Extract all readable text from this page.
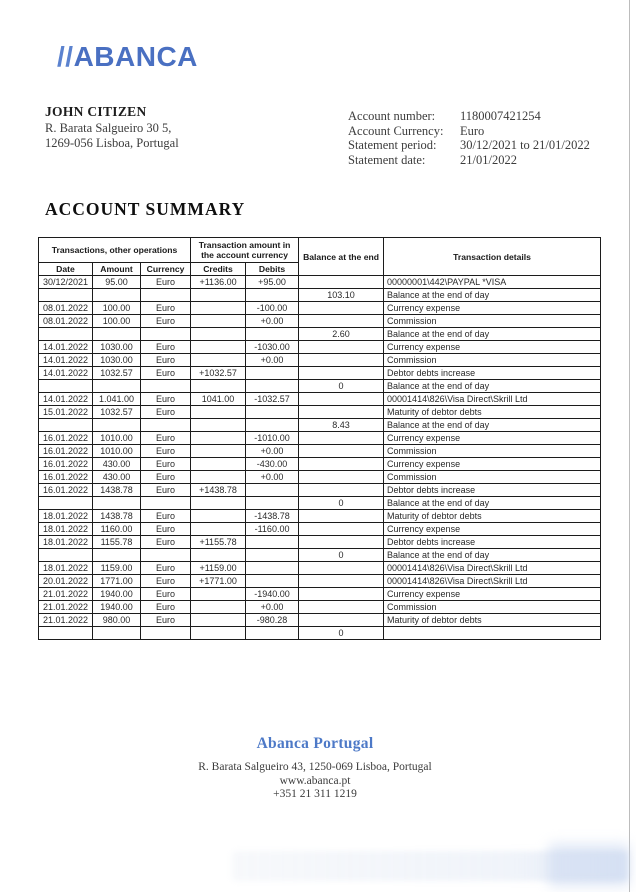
//ABANCA
JOHN CITIZEN
R. Barata Salgueiro 30 5,
1269-056 Lisboa, Portugal
Account number:	1180007421254
Account Currency:	Euro
Statement period:	30/12/2021 to 21/01/2022
Statement date:	21/01/2022
ACCOUNT SUMMARY
Transactions, other operations			Transaction amount in the account currency		Balance at the end	Transaction details
Date	Amount	Currency	Credits	Debits		
30/12/2021	95.00	Euro	+1136.00	+95.00		00000001\442\PAYPAL *VISA
					103.10	Balance at the end of day
08.01.2022	100.00	Euro		-100.00		Currency expense
08.01.2022	100.00	Euro		+0.00		Commission
					2.60	Balance at the end of day
14.01.2022	1030.00	Euro		-1030.00		Currency expense
14.01.2022	1030.00	Euro		+0.00		Commission
14.01.2022	1032.57	Euro	+1032.57			Debtor debts increase
					0	Balance at the end of day
14.01.2022	1.041.00	Euro	1041.00	-1032.57		00001414\826\Visa Direct\Skrill Ltd
15.01.2022	1032.57	Euro				Maturity of debtor debts
					8.43	Balance at the end of day
16.01.2022	1010.00	Euro		-1010.00		Currency expense
16.01.2022	1010.00	Euro		+0.00		Commission
16.01.2022	430.00	Euro		-430.00		Currency expense
16.01.2022	430.00	Euro		+0.00		Commission
16.01.2022	1438.78	Euro	+1438.78			Debtor debts increase
					0	Balance at the end of day
18.01.2022	1438.78	Euro		-1438.78		Maturity of debtor debts
18.01.2022	1160.00	Euro		-1160.00		Currency expense
18.01.2022	1155.78	Euro	+1155.78			Debtor debts increase
					0	Balance at the end of day
18.01.2022	1159.00	Euro	+1159.00			00001414\826\Visa Direct\Skrill Ltd
20.01.2022	1771.00	Euro	+1771.00			00001414\826\Visa Direct\Skrill Ltd
21.01.2022	1940.00	Euro		-1940.00		Currency expense
21.01.2022	1940.00	Euro		+0.00		Commission
21.01.2022	980.00	Euro		-980.28		Maturity of debtor debts
					0	
Abanca Portugal
R. Barata Salgueiro 43, 1250-069 Lisboa, Portugal
www.abanca.pt
+351 21 311 1219
